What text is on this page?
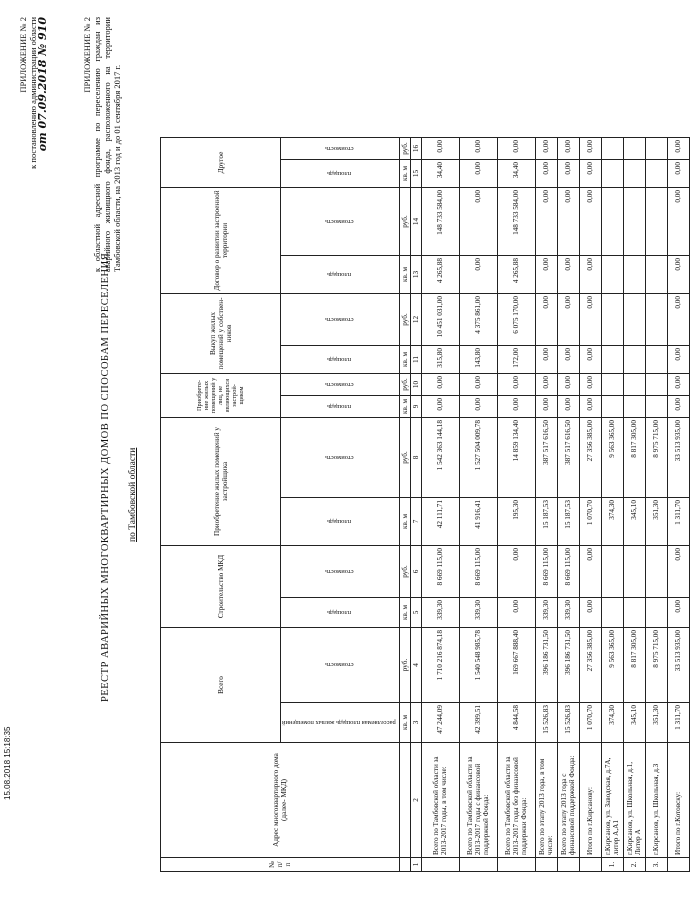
ПРИЛОЖЕНИЕ № 2 к постановлению администрации области
от 07.09.2018 № 910	ПРИЛОЖЕНИЕ № 2 к областной адресной программе по переселению граждан из аварийного жилищного фонда, расположенного на территории Тамбовской области, на 2013 год и до 01 сентября 2017 г.
РЕЕСТР АВАРИЙНЫХ МНОГОКВАРТИРНЫХ ДОМОВ ПО СПОСОБАМ ПЕРЕСЕЛЕНИЯ по Тамбовской области
№ п/п	Адрес многоквартирного дома (далее- МКД)	Всего		Строительство МКД		Приобретение жилых помещений у застройщика		Приобрете-ние жилых помещений у лиц, не являющихся застрой-щиком		Выкуп жилых помещений у собствен-ников		Договор о развитии застроенной территории		Другое	
		расселяемая площадь жилых помещений	стоимость	площадь	стоимость	площадь	стоимость	площадь	стоимость	площадь	стоимость	площадь	стоимость	площадь	стоимость
		кв. м	руб.	кв. м	руб.	кв. м	руб.	кв. м	руб.	кв. м	руб.	кв. м	руб.	кв. м	руб.
1	2	3	4	5	6	7	8	9	10	11	12	13	14	15	16
	Всего по Тамбовской области за 2013-2017 годы, в том числе:	47 244,09	1 710 216 874,18	339,30	8 669 115,00	42 111,71	1 542 363 144,18	0,00	0,00	315,80	10 451 031,00	4 265,88	148 733 584,00	34,40	0,00
	Всего по Тамбовской области за 2013-2017 годы с финансовой поддержкой Фонда:	42 399,51	1 540 548 985,78	339,30	8 669 115,00	41 916,41	1 527 504 009,78	0,00	0,00	143,80	4 375 861,00	0,00	0,00	0,00	0,00
	Всего по Тамбовской области за 2013-2017 годы без финансовой поддержки Фонда:	4 844,58	169 667 888,40	0,00	0,00	195,30	14 859 134,40	0,00	0,00	172,00	6 075 170,00	4 265,88	148 733 584,00	34,40	0,00
	Всего по этапу 2013 года, в том числе:	15 526,83	396 186 731,50	339,30	8 669 115,00	15 187,53	387 517 616,50	0,00	0,00	0,00	0,00	0,00	0,00	0,00	0,00
	Всего по этапу 2013 года с финансовой поддержкой Фонда:	15 526,83	396 186 731,50	339,30	8 669 115,00	15 187,53	387 517 616,50	0,00	0,00	0,00	0,00	0,00	0,00	0,00	0,00
	Итого по г.Кирсанову:	1 070,70	27 356 385,00	0,00	0,00	1 070,70	27 356 385,00	0,00	0,00	0,00	0,00	0,00	0,00	0,00	0,00
1.	г.Кирсанов, ул. Заводская, д.7А, литер А,А1	374,30	9 563 365,00			374,30	9 563 365,00								
2.	г.Кирсанов, ул. Школьная, д.1, Литер А	345,10	8 817 305,00			345,10	8 817 305,00								
3.	г.Кирсанов, ул. Школьная, д.3	351,30	8 975 715,00			351,30	8 975 715,00								
	Итого по г.Котовску:	1 311,70	33 513 935,00	0,00	0,00	1 311,70	33 513 935,00	0,00	0,00	0,00	0,00	0,00	0,00	0,00	0,00
15.08.2018 15:18:35
